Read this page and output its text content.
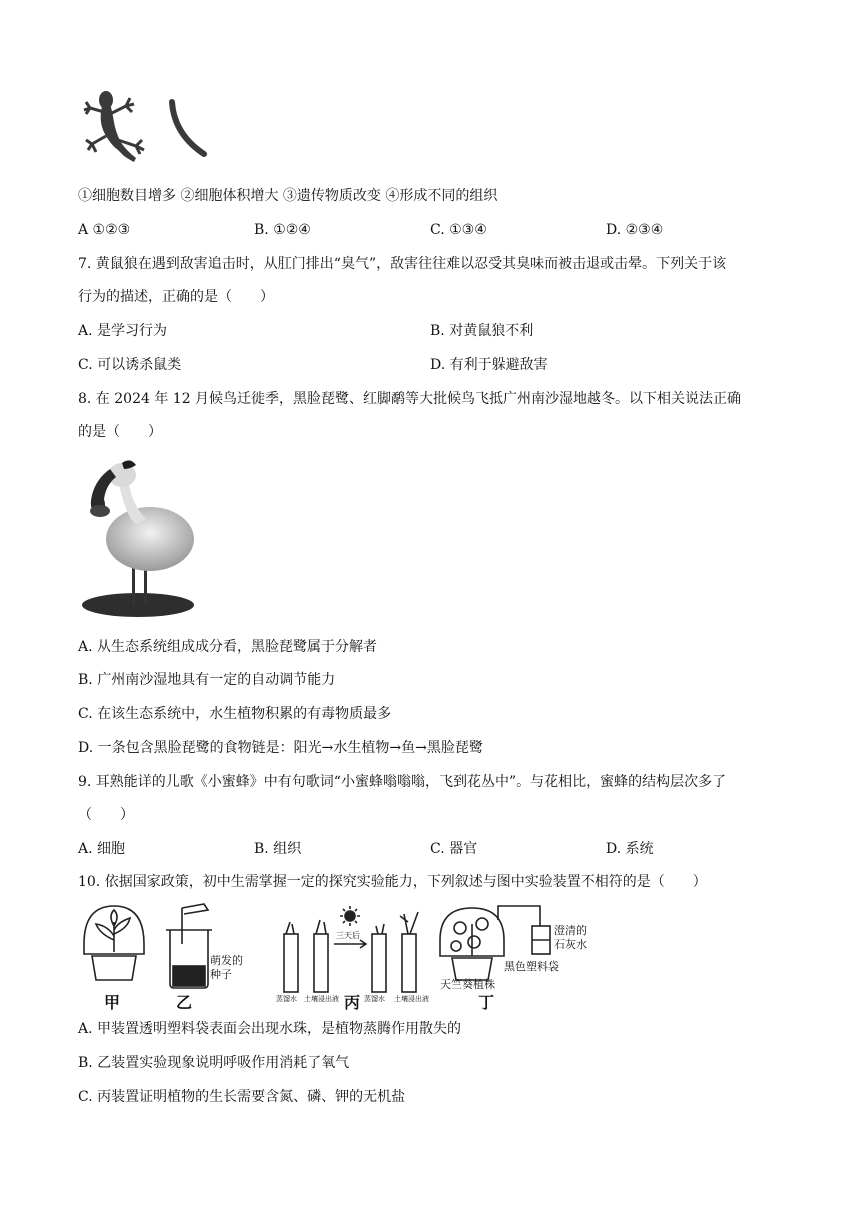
①细胞数目增多 ②细胞体积增大 ③遗传物质改变 ④形成不同的组织
A ①②③	B. ①②④	C. ①③④	D. ②③④
7. 黄鼠狼在遇到敌害追击时，从肛门排出“臭气”，敌害往往难以忍受其臭味而被击退或击晕。下列关于该
行为的描述，正确的是（　　）
A. 是学习行为	B. 对黄鼠狼不利
C. 可以诱杀鼠类	D. 有利于躲避敌害
8. 在 2024 年 12 月候鸟迁徙季，黑脸琵鹭、红脚鹬等大批候鸟飞抵广州南沙湿地越冬。以下相关说法正确
的是（　　）
A. 从生态系统组成成分看，黑脸琵鹭属于分解者
B. 广州南沙湿地具有一定的自动调节能力
C. 在该生态系统中，水生植物积累的有毒物质最多
D. 一条包含黑脸琵鹭的食物链是：阳光→水生植物→鱼→黑脸琵鹭
9. 耳熟能详的儿歌《小蜜蜂》中有句歌词“小蜜蜂嗡嗡嗡，飞到花丛中”。与花相比，蜜蜂的结构层次多了
（　　）
A. 细胞	B. 组织	C. 器官	D. 系统
10. 依据国家政策，初中生需掌握一定的探究实验能力，下列叙述与图中实验装置不相符的是（　　）
甲	乙	丙	丁
萌发的
种子
三天后
蒸馏水 土壤浸出液	蒸馏水 土壤浸出液
澄清的
石灰水
黑色塑料袋
天竺葵植株
A. 甲装置透明塑料袋表面会出现水珠，是植物蒸腾作用散失的
B. 乙装置实验现象说明呼吸作用消耗了氧气
C. 丙装置证明植物的生长需要含氮、磷、钾的无机盐
